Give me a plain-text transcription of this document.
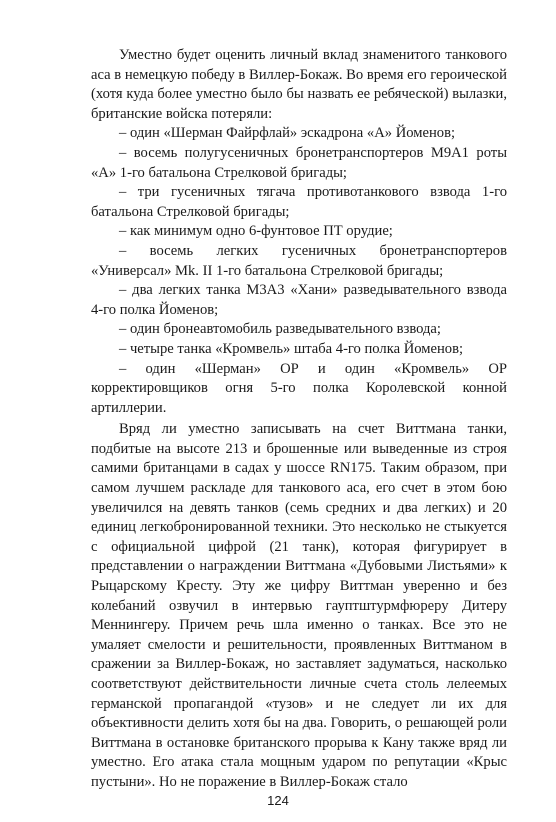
Уместно будет оценить личный вклад знаменитого танкового аса в немецкую победу в Виллер-Бокаж. Во время его героической (хотя куда более уместно было бы назвать ее ребяческой) вылазки, британские войска потеряли:

– один «Шерман Файрфлай» эскадрона «А» Йоменов;

– восемь полугусеничных бронетранспортеров М9А1 роты «А» 1-го батальона Стрелковой бригады;

– три гусеничных тягача противотанкового взвода 1-го батальона Стрелковой бригады;

– как минимум одно 6-фунтовое ПТ орудие;

– восемь легких гусеничных бронетранспортеров «Универсал» Mk. II 1-го батальона Стрелковой бригады;

– два легких танка М3А3 «Хани» разведывательного взвода 4-го полка Йоменов;

– один бронеавтомобиль разведывательного взвода;

– четыре танка «Кромвель» штаба 4-го полка Йоменов;

– один «Шерман» ОР и один «Кромвель» ОР корректировщиков огня 5-го полка Королевской конной артиллерии.

Вряд ли уместно записывать на счет Виттмана танки, подбитые на высоте 213 и брошенные или выведенные из строя самими британцами в садах у шоссе RN175. Таким образом, при самом лучшем раскладе для танкового аса, его счет в этом бою увеличился на девять танков (семь средних и два легких) и 20 единиц легкобронированной техники. Это несколько не стыкуется с официальной цифрой (21 танк), которая фигурирует в представлении о награждении Виттмана «Дубовыми Листьями» к Рыцарскому Кресту. Эту же цифру Виттман уверенно и без колебаний озвучил в интервью гауптштурмфюреру Дитеру Меннингеру. Причем речь шла именно о танках. Все это не умаляет смелости и решительности, проявленных Виттманом в сражении за Виллер-Бокаж, но заставляет задуматься, насколько соответствуют действительности личные счета столь лелеемых германской пропагандой «тузов» и не следует ли их для объективности делить хотя бы на два. Говорить, о решающей роли Виттмана в остановке британского прорыва к Кану также вряд ли уместно. Его атака стала мощным ударом по репутации «Крыс пустыни». Но не поражение в Виллер-Бокаж стало

124
